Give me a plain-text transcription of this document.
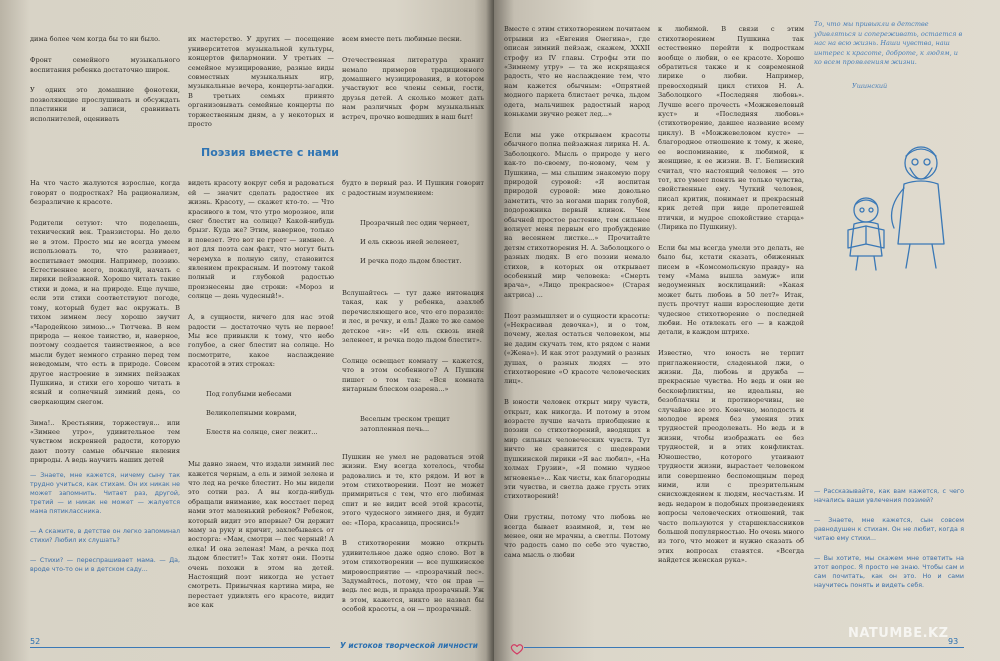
дима более чем когда бы то ни было.

Фронт семейного музыкального воспитания ребенка достаточно широк.

У одних это домашние фонотеки, позволяющие прослушивать и обсуждать пластинки и записи, сравнивать исполнителей, оценивать

их мастерство. У других — посещение университетов музыкальной культуры, концертов филармонии. У третьих — семейное музицирование, разные виды совместных музыкальных игр, музыкальные вечера, концерты-загадки. В третьих семьях принято организовывать семейные концерты по торжественным дням, а у некоторых и просто

всем вместе петь любимые песни.

Отечественная литература хранит немало примеров традиционного домашнего музицирования, в котором участвуют все члены семьи, гости, друзья детей. А сколько может дать нам различных форм музыкальных встреч, прочно вошедших в наш быт!

Поэзия вместе с нами

На что часто жалуются взрослые, когда говорят о подростках? На рационализм, безразличие к красоте.

Родители сетуют: что поделаешь, технический век. Транзисторы. Но дело не в этом. Просто мы не всегда умеем использовать то, что развивает, воспитывает эмоции. Например, поэзию. Естественнее всего, пожалуй, начать с лирики пейзажной. Хорошо читать такие стихи и дома, и на природе. Еще лучше, если эти стихи соответствуют погоде, тому, который будет вас окружать. В тихом зимнем лесу хорошо звучит «Чародейкою зимою...» Тютчева. В нем природа — некое таинство, и, наверное, поэтому создается таинственное, а все мысли будет немного странно перед тем неведомым, что есть в природе. Совсем другое настроение в зимних пейзажах Пушкина, и стихи его хорошо читать в ясный и солнечный зимний день, со сверкающим снегом.

Зима!.. Крестьянин, торжествуя... или «Зимнее утро», удивительное тем чувством искренней радости, которую дают поэту самые обычные явления природы. А ведь научить наших детей

— Знаете, мне кажется, ничему сыну так трудно учиться, как стихам. Он их никак не может запомнить. Читает раз, другой, третий — и никак не может — жалуется мама пятиклассника.

— А скажите, в детстве он легко запоминал стихи? Любил их слушать?

— Стихи? — переспрашивает мама. — Да, вроде что-то он и в детском саду...

видеть красоту вокруг себя и радоваться ей — значит сделать радостнее их жизнь. Красоту, — скажет кто-то. — Что красивого в том, что утро морозное, или снег блестит на солнце? Какой-нибудь брызг. Куда же? Этим, наверное, только и повезет. Это вот не греет — зимнее. А вот для поэта сам факт, что могут быть черемуха в полную силу, становится явлением прекрасным. И поэтому такой полный и глубокой радостью произнесены две строки: «Мороз и солнце — день чудесный!».

А, в сущности, ничего для нас этой радости — достаточно чуть не первое! Мы все привыкли к тому, что небо голубое, а снег блестит на солнце. Но посмотрите, какое наслаждение красотой в этих строках:

Под голубыми небесами

Великолепными коврами,

Блестя на солнце, снег лежит...

Мы давно знаем, что издали зимний лес кажется черным, а ель и зимой зелена и что лед на речке блестит. Но мы видели это сотни раз. А вы когда-нибудь обращали внимание, как восстает перед нами этот маленький ребенок? Ребенок, который видит это впервые? Он держит маму за руку и кричит, захлебываясь от восторга: «Мам, смотри — лес черный! А елка! И она зеленая! Мам, а речка под льдом блестит!» Так хотят они. Поэты очень похожи в этом на детей. Настоящий поэт никогда не устает смотреть. Привычная картина мира, не перестает удивлять его красоте, видит все как

будто в первый раз. И Пушкин говорит с радостным изумлением:

Прозрачный лес один чернеет,

И ель сквозь иней зеленеет,

И речка подо льдом блестит.

Вслушайтесь — тут даже интонация такая, как у ребенка, азахлеб перечисляющего все, что его поразило: и лес, и речку, и ель! Даже то же самое детское «и»: «И ель сквозь иней зеленеет, и речка подо льдом блестит».

Солнце освещает комнату — кажется, что в этом особенного? А Пушкин пишет о том так: «Вся комната янтарным блеском озарена...»

Веселым треском трещит затопленная печь...

Пушкин не умел не радоваться этой жизни. Ему всегда хотелось, чтобы радовались и те, кто рядом. И вот в этом стихотворении. Поэт не может примириться с тем, что его любимая спит и не видит всей этой красоты, этого чудесного зимнего дня, и будит ее: «Пора, красавица, проснись!»

В стихотворении можно открыть удивительное даже одно слово. Вот в этом стихотворении — все пушкинское мировосприятие — «прозрачный лес». Задумайтесь, потому, что он прав — ведь лес ведь, и правда прозрачный. Уж в этом, кажется, никто не назвал бы особой красоты, а он — прозрачный.

52	У истоков творческой личности

Вместе с этим стихотворением почитаем отрывки из «Евгения Онегина», где описан зимний пейзаж, скажем, XXXII строфу из IV главы. Строфы эти по «Зимнему утру» — та же искрящаяся радость, что не наслаждение тем, что нам кажется обычным: «Опрятней модного паркета блистает речка, льдом одета, мальчишек радостный народ коньками звучно режет лед...»

Если мы уже открываем красоты обычного полна пейзажная лирика Н. А. Заболоцкого. Мысль о природе у него как-то по-своему, по-новому, чем у Пушкина, — мы слышим знакомую пору природой суровой: «Я воспитан природой суровой: мне довольно заметить, что за ногами шарик голубой, подорожника первый клинок. Чем обычней простое растение, тем сильнее волнует меня первым его пробуждение на весеннем листке...» Прочитайте детям стихотворения Н. А. Заболоцкого о разных людях. В его поэзии немало стихов, в которых он открывает особенный мир человека: «Смерть врача», «Лицо прекрасное» (Старая актриса) ...

Поэт размышляет и о сущности красоты: («Некрасивая девочка»), и о том, почему, желая остаться человеком, мы не дадим скучать тем, кто рядом с нами («Жена»). И как этот раздумий о разных душах, о разных людях — это стихотворение «О красоте человеческих лиц».

В юности человек открыт миру чувств, открыт, как никогда. И потому в этом возрасте лучше начать приобщение к поэзии со стихотворений, вводящих в мир сильных человеческих чувств. Тут ничто не сравнится с шедеврами пушкинской лирики «Я вас любил», «На холмах Грузии», «Я помню чудное мгновенье»... Как чисты, как благородны эти чувства, и светла даже грусть этих стихотворений!

Они грустны, потому что любовь не всегда бывает взаимной, и, тем не менее, они не мрачны, а светлы. Потому что радость само по себе это чувство, сама мысль о любви

к любимой. В связи с этим стихотворением Пушкина так естественно перейти к подросткам вообще о любви, о ее красоте. Хорошо обратиться также и к современной лирике о любви. Например, превосходный цикл стихов Н. А. Заболоцкого «Последняя любовь». Лучше всего прочесть «Можжевеловый куст» и «Последняя любовь» (стихотворение, давшее название всему циклу). В «Можжевеловом кусте» — благородное отношение к тому, к жене, ее воспоминание, к любимой, к женщине, к ее жизни. В. Г. Белинский считал, что настоящий человек — это тот, кто умеет понять не только чувства, свойственные ему. Чуткий человек, писал критик, понимает и прекрасный крик детей при виде пролетевшей птички, и мудрое спокойствие старца» (Лирика по Пушкину).

Если бы мы всегда умели это делать, не было бы, кстати сказать, обиженных писем в «Комсомольскую правду» на тему «Мама вышла замуж» или недоуменных восклицаний: «Какая может быть любовь в 50 лет?» Итак, пусть прочтут наши взрослеющие дети чудесное стихотворение о последней любви. Не отвлекать его — в каждой детали, в каждом штрихе.

Известно, что юность не терпит приглаженности, сладенькой лжи, о жизни. Да, любовь и дружба — прекрасные чувства. Но ведь и они не бесконфликтны, не идеальны, не безоблачны и противоречивы, не случайно все это. Конечно, молодость и молодое время без умения этих трудностей преодолевать. Но ведь и в жизни, чтобы изображать ее без трудностей, и в этих конфликтах. Юношество, которого утаивают трудности жизни, вырастает человеком или совершенно беспомощным перед ними, или с презрительным снисхождением к людям, несчастьям. И ведь недаром в подобных произведениях вопросы человеческих отношений, так часто пользуются у старшеклассников большой популярностью. Но очень много из того, что может и нужно сказать об этих вопросах ставятся. «Всегда найдется женская рука».

— Рассказывайте, как вам кажется, с чего начались ваши увлечения поэзией?

— Знаете, мне кажется, сын совсем равнодушен к стихам. Он не любит, когда я читаю ему стихи...

— Вы хотите, мы скажем мне ответить на этот вопрос. Я просто не знаю. Чтобы сам и сам почитать, как он это. Но и сами научитесь понять и видеть себя.

93
То, что мы привыкли в детстве удивляться и сопереживать, остается в нас на всю жизнь. Наши чувства, наш интерес к красоте, доброте, к людям, и ко всем проявлениям жизни.
Ушинский
NATUMBE.KZ
